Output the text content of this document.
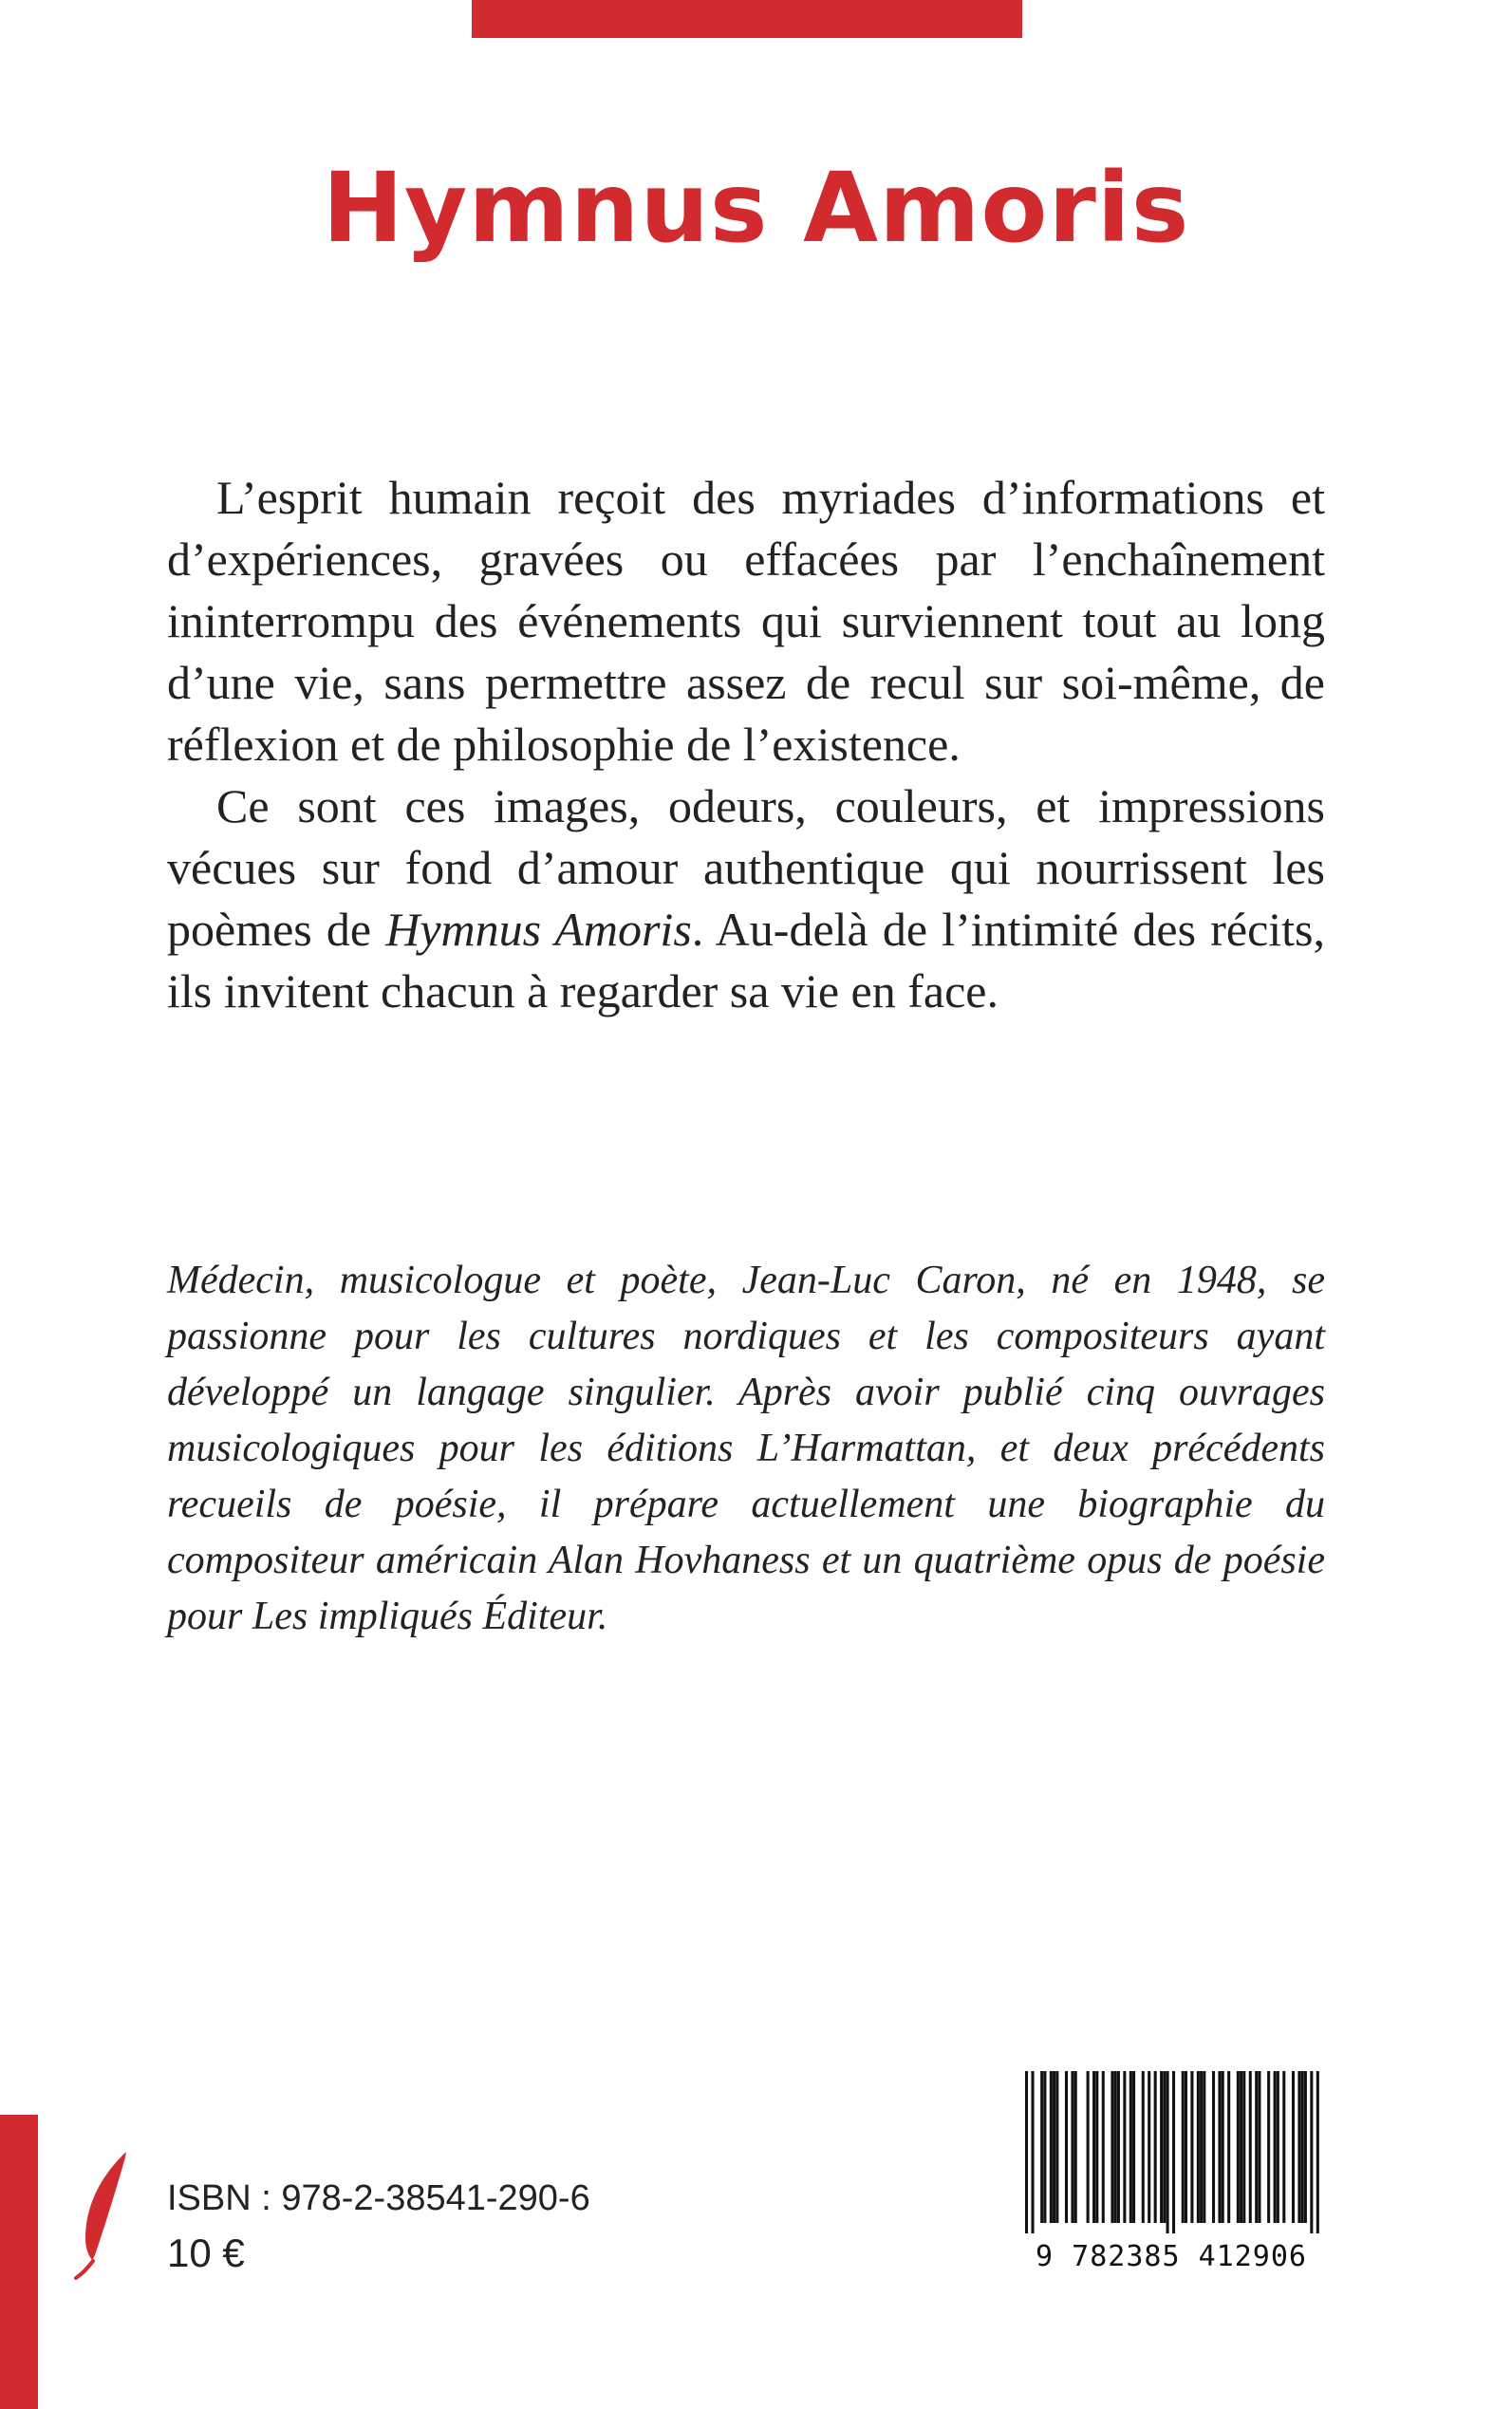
Hymnus Amoris

L’esprit humain reçoit des myriades d’informations et d’expériences, gravées ou effacées par l’enchaînement ininterrompu des événements qui surviennent tout au long d’une vie, sans permettre assez de recul sur soi-même, de réflexion et de philosophie de l’existence.

Ce sont ces images, odeurs, couleurs, et impressions vécues sur fond d’amour authentique qui nourrissent les poèmes de Hymnus Amoris. Au-delà de l’intimité des récits, ils invitent chacun à regarder sa vie en face.

Médecin, musicologue et poète, Jean-Luc Caron, né en 1948, se passionne pour les cultures nordiques et les compositeurs ayant développé un langage singulier. Après avoir publié cinq ouvrages musicologiques pour les éditions L’Harmattan, et deux précédents recueils de poésie, il prépare actuellement une biographie du compositeur américain Alan Hovhaness et un quatrième opus de poésie pour Les impliqués Éditeur.

ISBN : 978-2-38541-290-6
10 €	9 782385 412906
